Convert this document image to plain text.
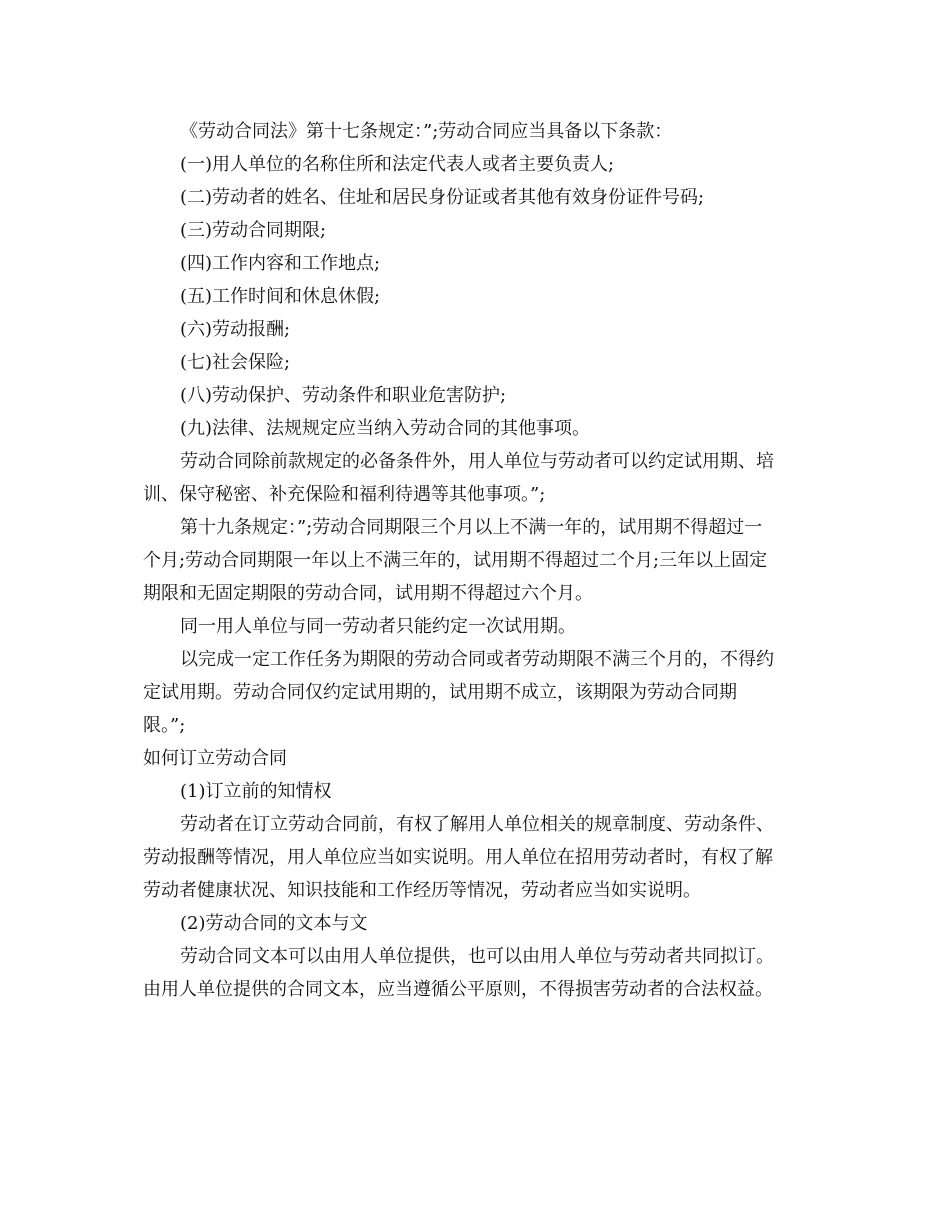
《劳动合同法》第十七条规定：”;劳动合同应当具备以下条款：
(一)用人单位的名称住所和法定代表人或者主要负责人;
(二)劳动者的姓名、住址和居民身份证或者其他有效身份证件号码;
(三)劳动合同期限;
(四)工作内容和工作地点;
(五)工作时间和休息休假;
(六)劳动报酬;
(七)社会保险;
(八)劳动保护、劳动条件和职业危害防护;
(九)法律、法规规定应当纳入劳动合同的其他事项。
劳动合同除前款规定的必备条件外，用人单位与劳动者可以约定试用期、培
训、保守秘密、补充保险和福利待遇等其他事项。”;
第十九条规定：”;劳动合同期限三个月以上不满一年的，试用期不得超过一
个月;劳动合同期限一年以上不满三年的，试用期不得超过二个月;三年以上固定
期限和无固定期限的劳动合同，试用期不得超过六个月。
同一用人单位与同一劳动者只能约定一次试用期。
以完成一定工作任务为期限的劳动合同或者劳动期限不满三个月的，不得约
定试用期。劳动合同仅约定试用期的，试用期不成立，该期限为劳动合同期
限。”;
如何订立劳动合同
(1)订立前的知情权
劳动者在订立劳动合同前，有权了解用人单位相关的规章制度、劳动条件、
劳动报酬等情况，用人单位应当如实说明。用人单位在招用劳动者时，有权了解
劳动者健康状况、知识技能和工作经历等情况，劳动者应当如实说明。
(2)劳动合同的文本与文
劳动合同文本可以由用人单位提供，也可以由用人单位与劳动者共同拟订。
由用人单位提供的合同文本，应当遵循公平原则，不得损害劳动者的合法权益。
